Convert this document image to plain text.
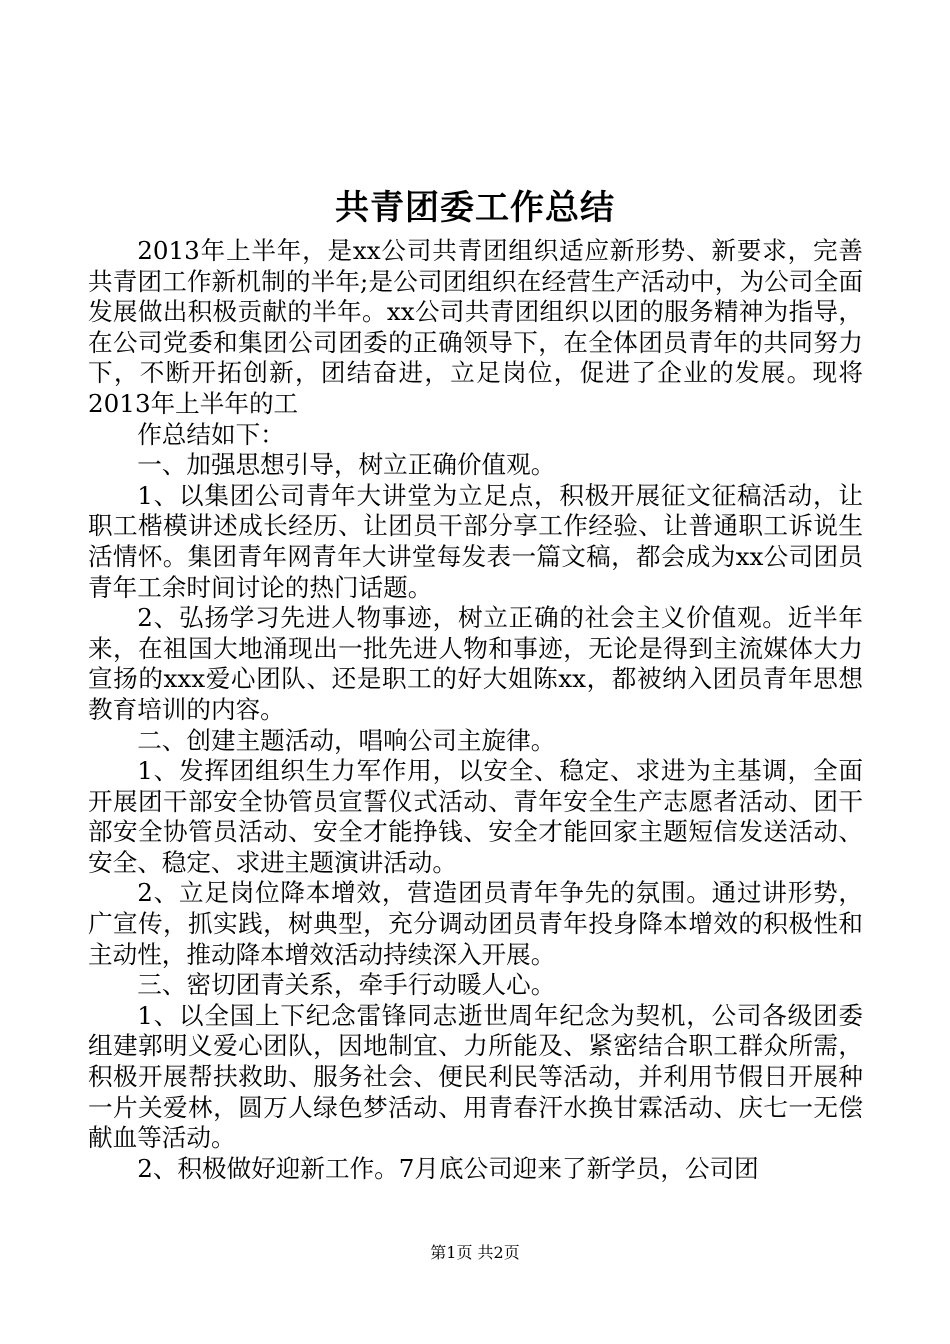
共青团委工作总结

2013年上半年，是xx公司共青团组织适应新形势、新要求，完善共青团工作新机制的半年;是公司团组织在经营生产活动中，为公司全面发展做出积极贡献的半年。xx公司共青团组织以团的服务精神为指导，在公司党委和集团公司团委的正确领导下，在全体团员青年的共同努力下，不断开拓创新，团结奋进，立足岗位，促进了企业的发展。现将2013年上半年的工

作总结如下：

一、加强思想引导，树立正确价值观。

1、以集团公司青年大讲堂为立足点，积极开展征文征稿活动，让职工楷模讲述成长经历、让团员干部分享工作经验、让普通职工诉说生活情怀。集团青年网青年大讲堂每发表一篇文稿，都会成为xx公司团员青年工余时间讨论的热门话题。

2、弘扬学习先进人物事迹，树立正确的社会主义价值观。近半年来，在祖国大地涌现出一批先进人物和事迹，无论是得到主流媒体大力宣扬的xxx爱心团队、还是职工的好大姐陈xx，都被纳入团员青年思想教育培训的内容。

二、创建主题活动，唱响公司主旋律。

1、发挥团组织生力军作用，以安全、稳定、求进为主基调，全面开展团干部安全协管员宣誓仪式活动、青年安全生产志愿者活动、团干部安全协管员活动、安全才能挣钱、安全才能回家主题短信发送活动、安全、稳定、求进主题演讲活动。

2、立足岗位降本增效，营造团员青年争先的氛围。通过讲形势，广宣传，抓实践，树典型，充分调动团员青年投身降本增效的积极性和主动性，推动降本增效活动持续深入开展。

三、密切团青关系，牵手行动暖人心。

1、以全国上下纪念雷锋同志逝世周年纪念为契机，公司各级团委组建郭明义爱心团队，因地制宜、力所能及、紧密结合职工群众所需，积极开展帮扶救助、服务社会、便民利民等活动，并利用节假日开展种一片关爱林，圆万人绿色梦活动、用青春汗水换甘霖活动、庆七一无偿献血等活动。

2、积极做好迎新工作。7月底公司迎来了新学员，公司团

第1页 共2页
